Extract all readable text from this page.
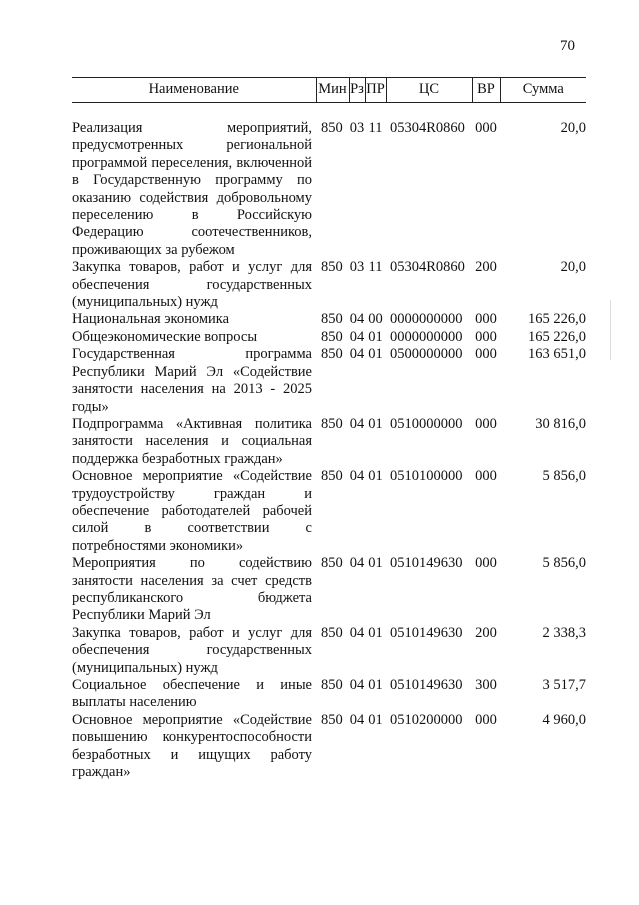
70
Наименование	Мин	Рз	ПР	ЦС	ВР	Сумма

Реализация мероприятий, предусмотренных региональной программой переселения, включенной в Государственную программу по оказанию содействия добровольному переселению в Российскую Федерацию соотечественников, проживающих за рубежом	850	03	11	05304R0860	000	20,0
Закупка товаров, работ и услуг для обеспечения государственных (муниципальных) нужд	850	03	11	05304R0860	200	20,0
Национальная экономика	850	04	00	0000000000	000	165 226,0
Общеэкономические вопросы	850	04	01	0000000000	000	165 226,0
Государственная программа Республики Марий Эл «Содействие занятости населения на 2013 - 2025 годы»	850	04	01	0500000000	000	163 651,0
Подпрограмма «Активная политика занятости населения и социальная поддержка безработных граждан»	850	04	01	0510000000	000	30 816,0
Основное мероприятие «Содействие трудоустройству граждан и обеспечение работодателей рабочей силой в соответствии с потребностями экономики»	850	04	01	0510100000	000	5 856,0
Мероприятия по содействию занятости населения за счет средств республиканского бюджета Республики Марий Эл	850	04	01	0510149630	000	5 856,0
Закупка товаров, работ и услуг для обеспечения государственных (муниципальных) нужд	850	04	01	0510149630	200	2 338,3
Социальное обеспечение и иные выплаты населению	850	04	01	0510149630	300	3 517,7
Основное мероприятие «Содействие повышению конкурентоспособности безработных и ищущих работу граждан»	850	04	01	0510200000	000	4 960,0
